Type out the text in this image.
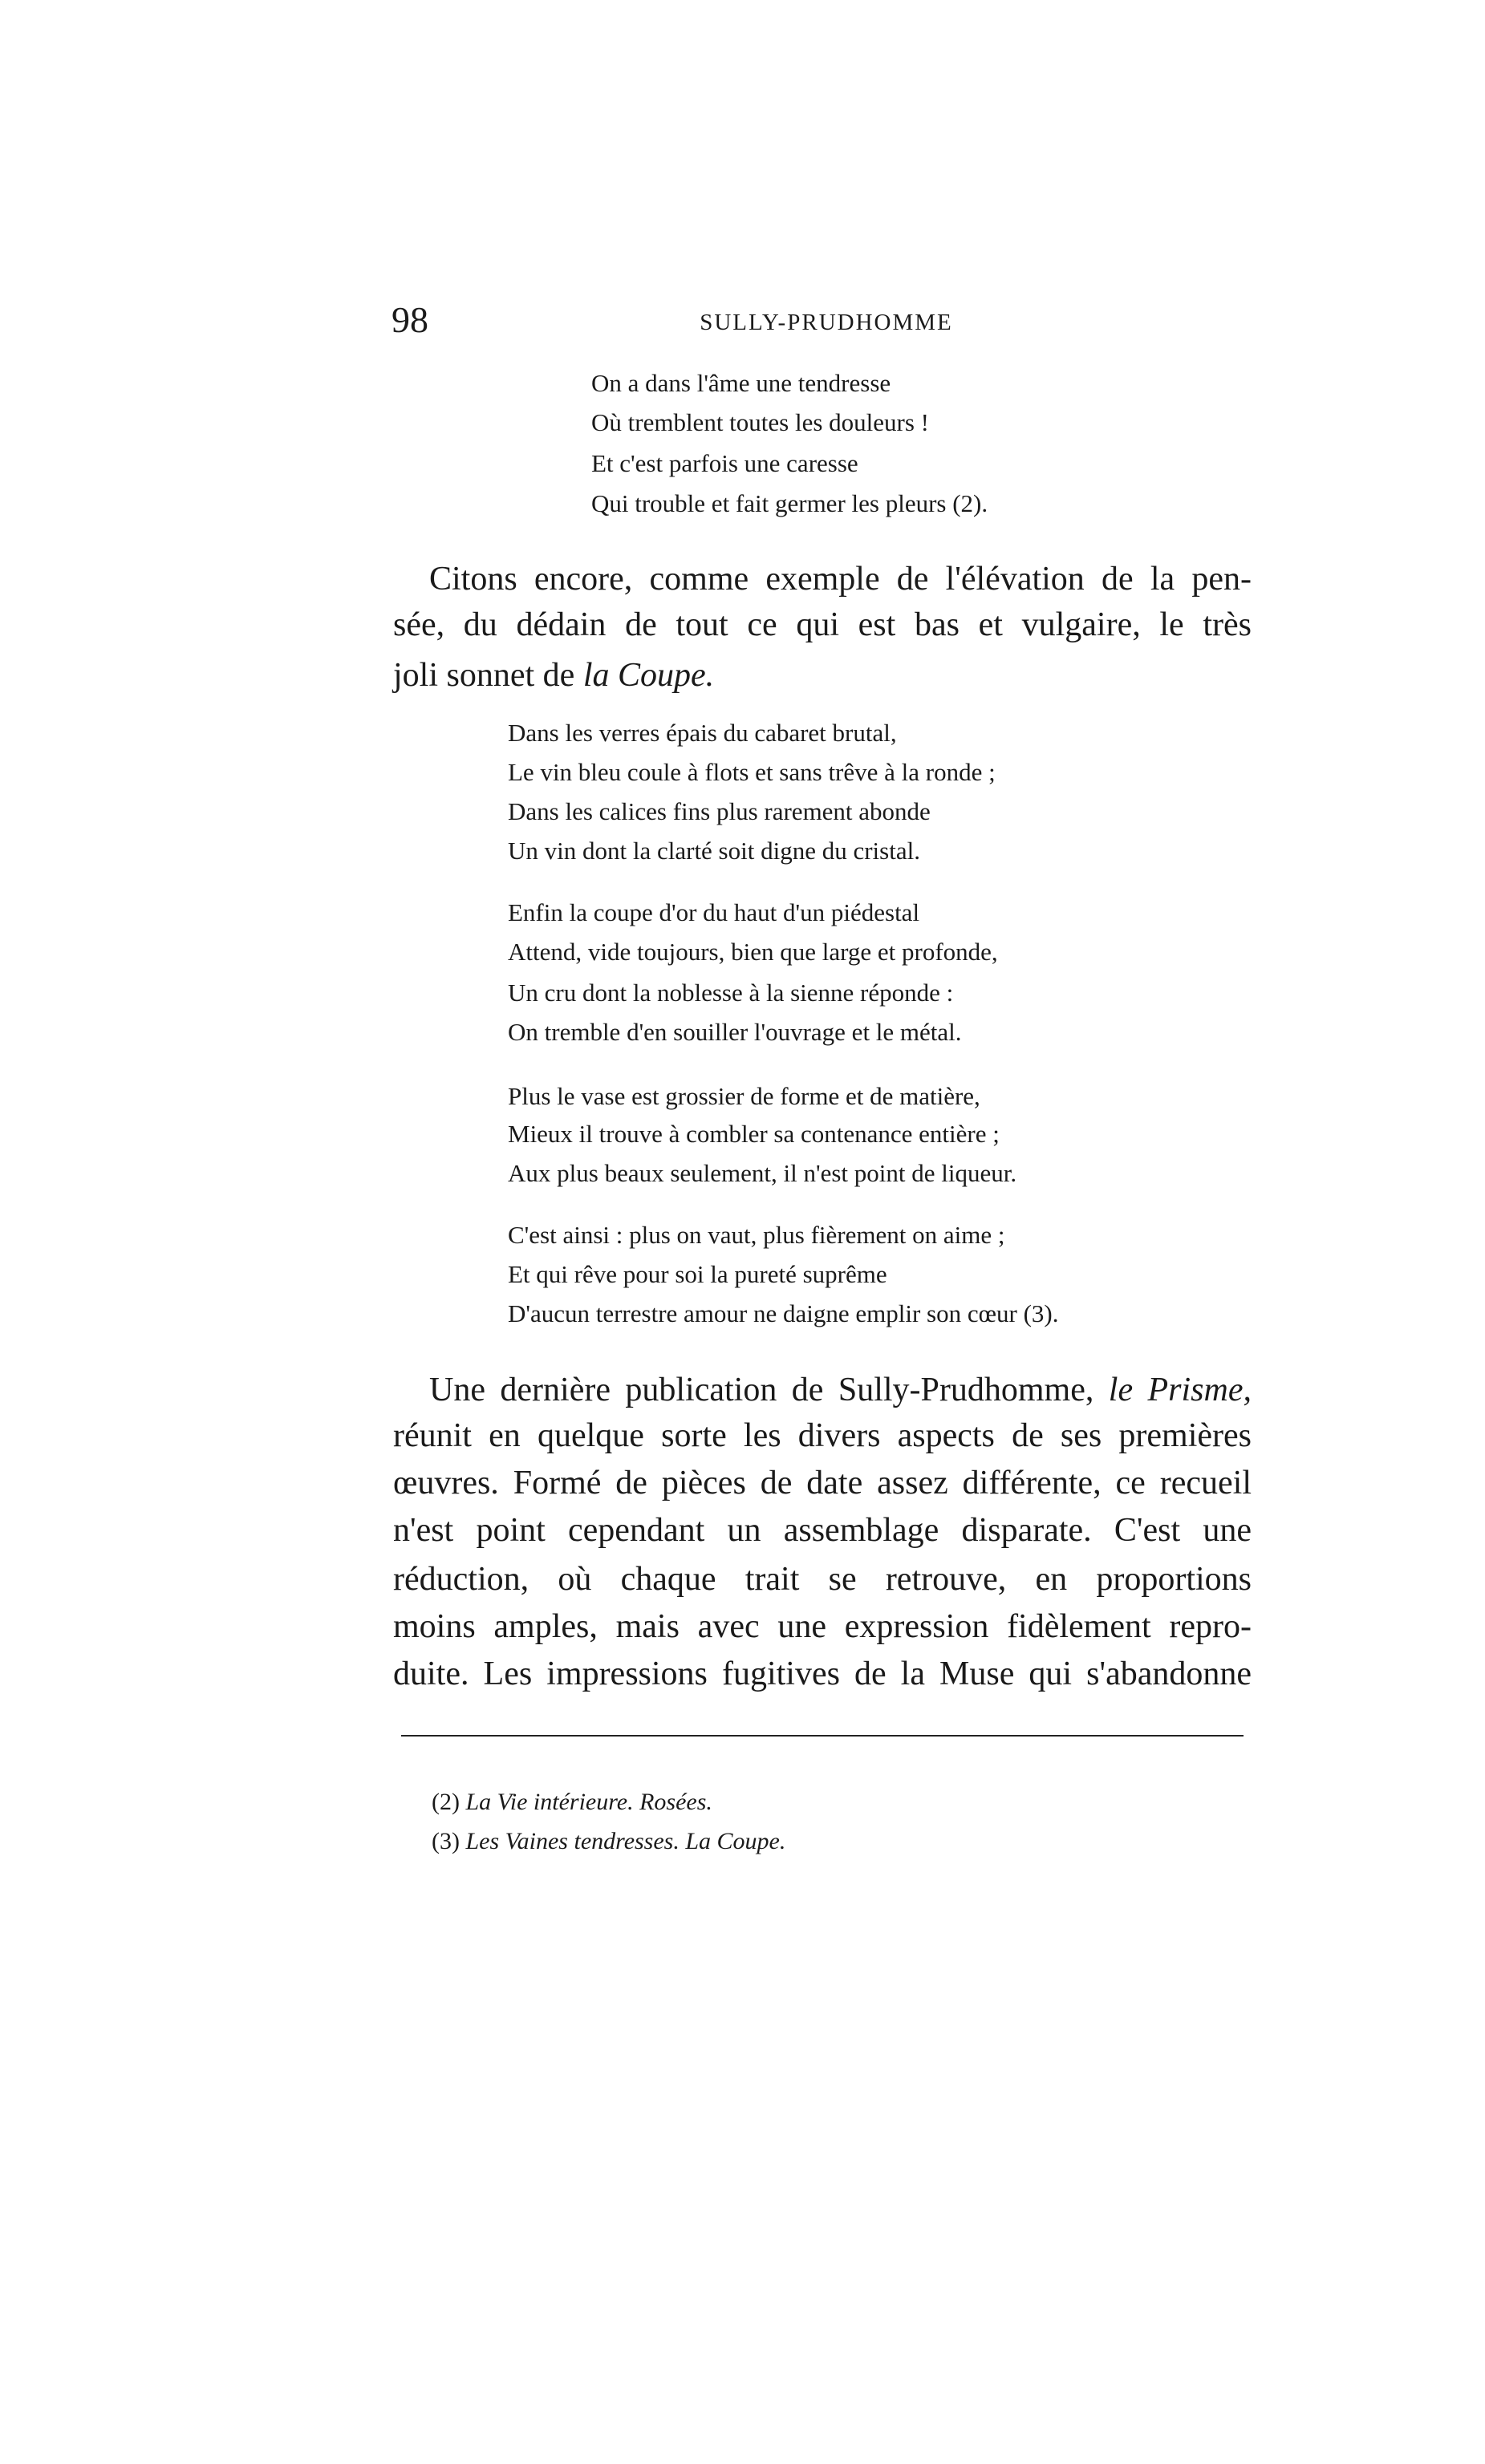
98	SULLY-PRUDHOMME
On a dans l'âme une tendresse
Où tremblent toutes les douleurs !
Et c'est parfois une caresse
Qui trouble et fait germer les pleurs (2).
Citons encore, comme exemple de l'élévation de la pen-
sée, du dédain de tout ce qui est bas et vulgaire, le très
joli sonnet de la Coupe.
Dans les verres épais du cabaret brutal,
Le vin bleu coule à flots et sans trêve à la ronde ;
Dans les calices fins plus rarement abonde
Un vin dont la clarté soit digne du cristal.
Enfin la coupe d'or du haut d'un piédestal
Attend, vide toujours, bien que large et profonde,
Un cru dont la noblesse à la sienne réponde :
On tremble d'en souiller l'ouvrage et le métal.
Plus le vase est grossier de forme et de matière,
Mieux il trouve à combler sa contenance entière ;
Aux plus beaux seulement, il n'est point de liqueur.
C'est ainsi : plus on vaut, plus fièrement on aime ;
Et qui rêve pour soi la pureté suprême
D'aucun terrestre amour ne daigne emplir son cœur (3).
Une dernière publication de Sully-Prudhomme, le Prisme,
réunit en quelque sorte les divers aspects de ses premières
œuvres. Formé de pièces de date assez différente, ce recueil
n'est point cependant un assemblage disparate. C'est une
réduction, où chaque trait se retrouve, en proportions
moins amples, mais avec une expression fidèlement repro-
duite. Les impressions fugitives de la Muse qui s'abandonne
(2) La Vie intérieure. Rosées.
(3) Les Vaines tendresses. La Coupe.
